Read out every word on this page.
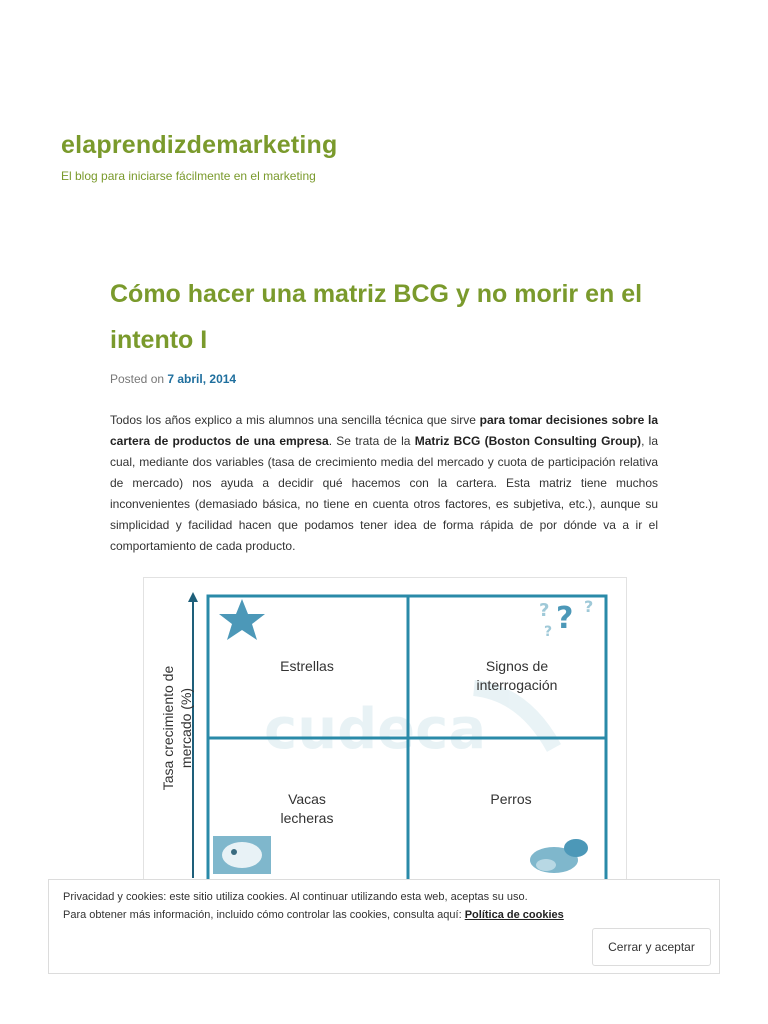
elaprendizdemarketing

El blog para iniciarse fácilmente en el marketing

Cómo hacer una matriz BCG y no morir en el intento I
Posted on 7 abril, 2014

Todos los años explico a mis alumnos una sencilla técnica que sirve para tomar decisiones sobre la cartera de productos de una empresa. Se trata de la Matriz BCG (Boston Consulting Group), la cual, mediante dos variables (tasa de crecimiento media del mercado y cuota de participación relativa de mercado) nos ayuda a decidir qué hacemos con la cartera. Esta matriz tiene muchos inconvenientes (demasiado básica, no tiene en cuenta otros factores, es subjetiva, etc.), aunque su simplicidad y facilidad hacen que podamos tener idea de forma rápida de por dónde va a ir el comportamiento de cada producto.

cudeca
? ? ?
?
Tasa crecimiento de mercado (%)
Estrellas	Signos de
interrogación
Vacas
lecheras
Perros
Privacidad y cookies: este sitio utiliza cookies. Al continuar utilizando esta web, aceptas su uso.
Para obtener más información, incluido cómo controlar las cookies, consulta aquí: Política de cookies
Cerrar y aceptar
